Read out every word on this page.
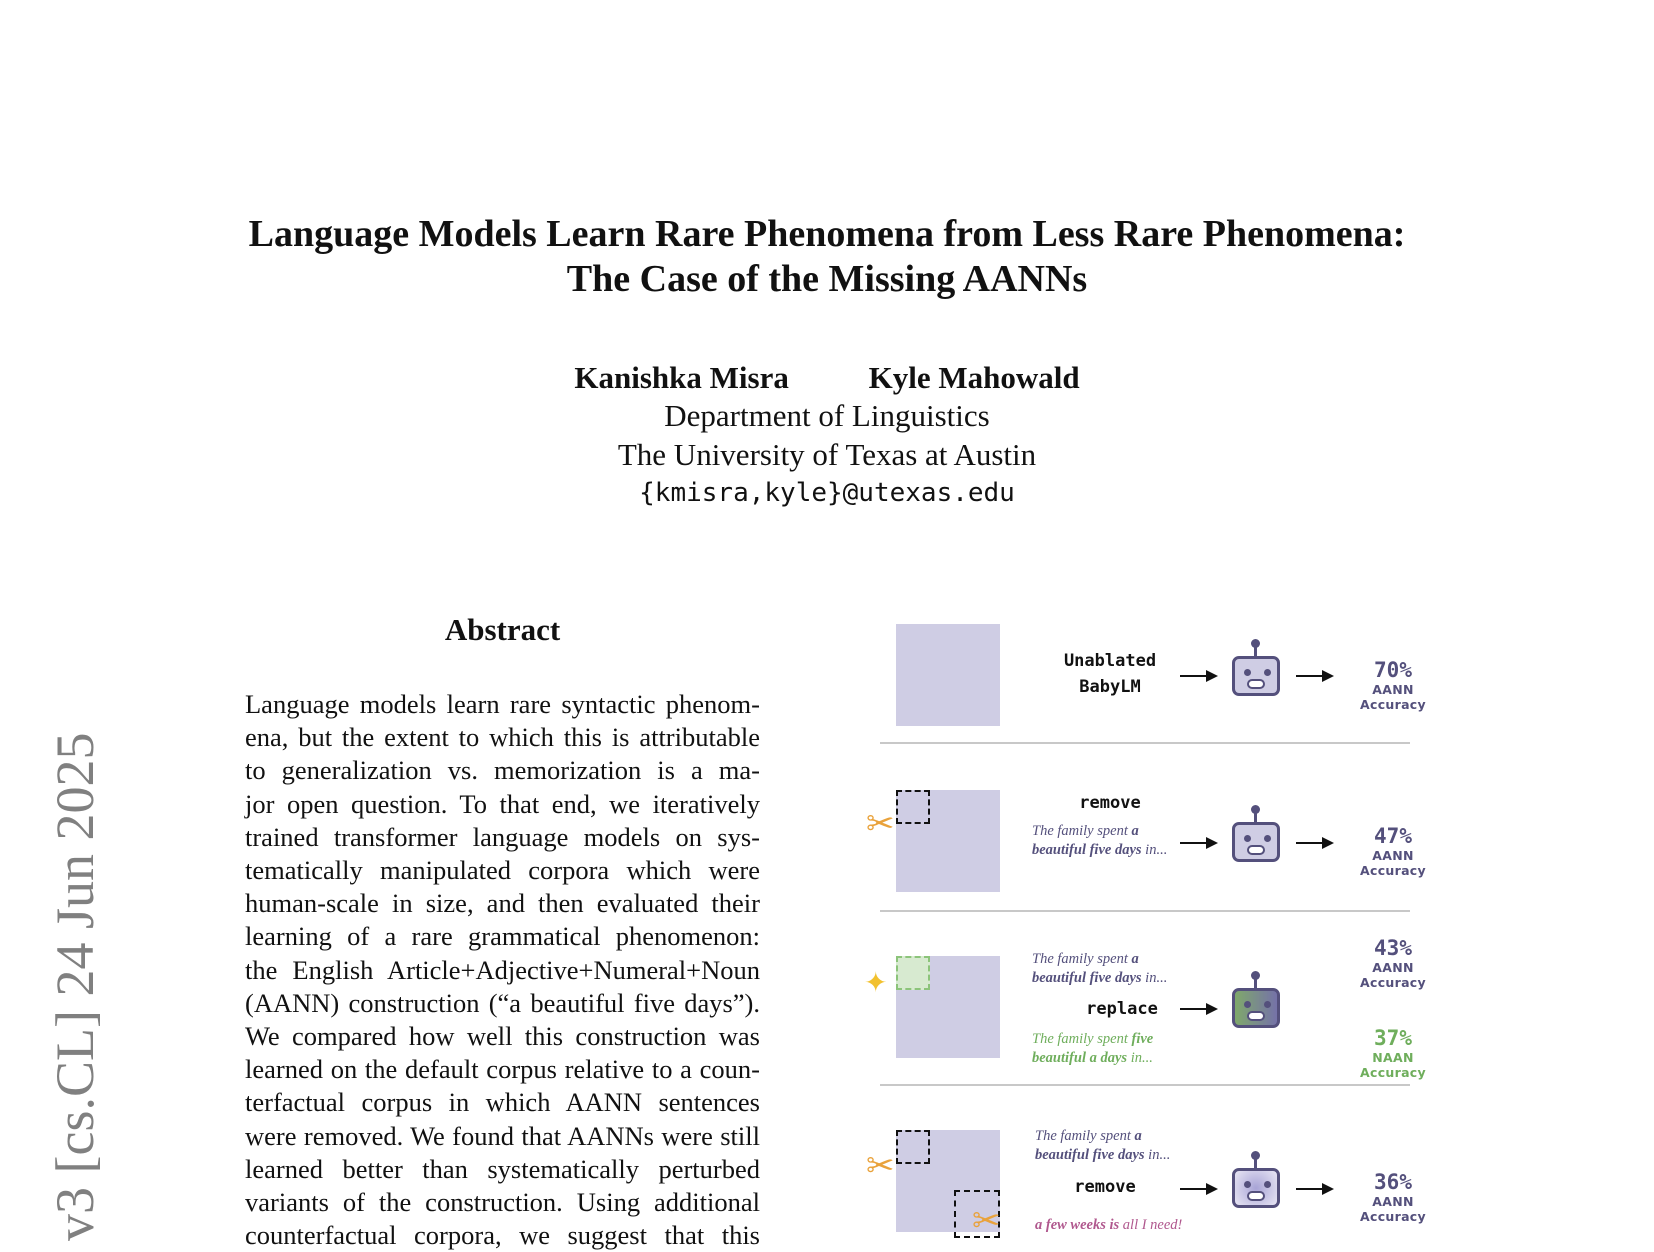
v3 [cs.CL] 24 Jun 2025
Language Models Learn Rare Phenomena from Less Rare Phenomena:
The Case of the Missing AANNs
Kanishka Misra	Kyle Mahowald
Department of Linguistics
The University of Texas at Austin
{kmisra,kyle}@utexas.edu
Abstract
Language models learn rare syntactic phenom-
ena, but the extent to which this is attributable
to generalization vs. memorization is a ma-
jor open question. To that end, we iteratively
trained transformer language models on sys-
tematically manipulated corpora which were
human-scale in size, and then evaluated their
learning of a rare grammatical phenomenon:
the English Article+Adjective+Numeral+Noun
(AANN) construction (“a beautiful five days”).
We compared how well this construction was
learned on the default corpus relative to a coun-
terfactual corpus in which AANN sentences
were removed. We found that AANNs were still
learned better than systematically perturbed
variants of the construction. Using additional
counterfactual corpora, we suggest that this
Unablated
BabyLM
70%
AANN Accuracy
✂
remove
The family spent a
beautiful five days in...
47%
AANN Accuracy
✦
The family spent a
beautiful five days in...
replace
The family spent five
beautiful a days in...
43%
AANN Accuracy
37%
NAAN Accuracy
✂
✂
The family spent a
beautiful five days in...
remove
a few weeks is all I need!
36%
AANN Accuracy
